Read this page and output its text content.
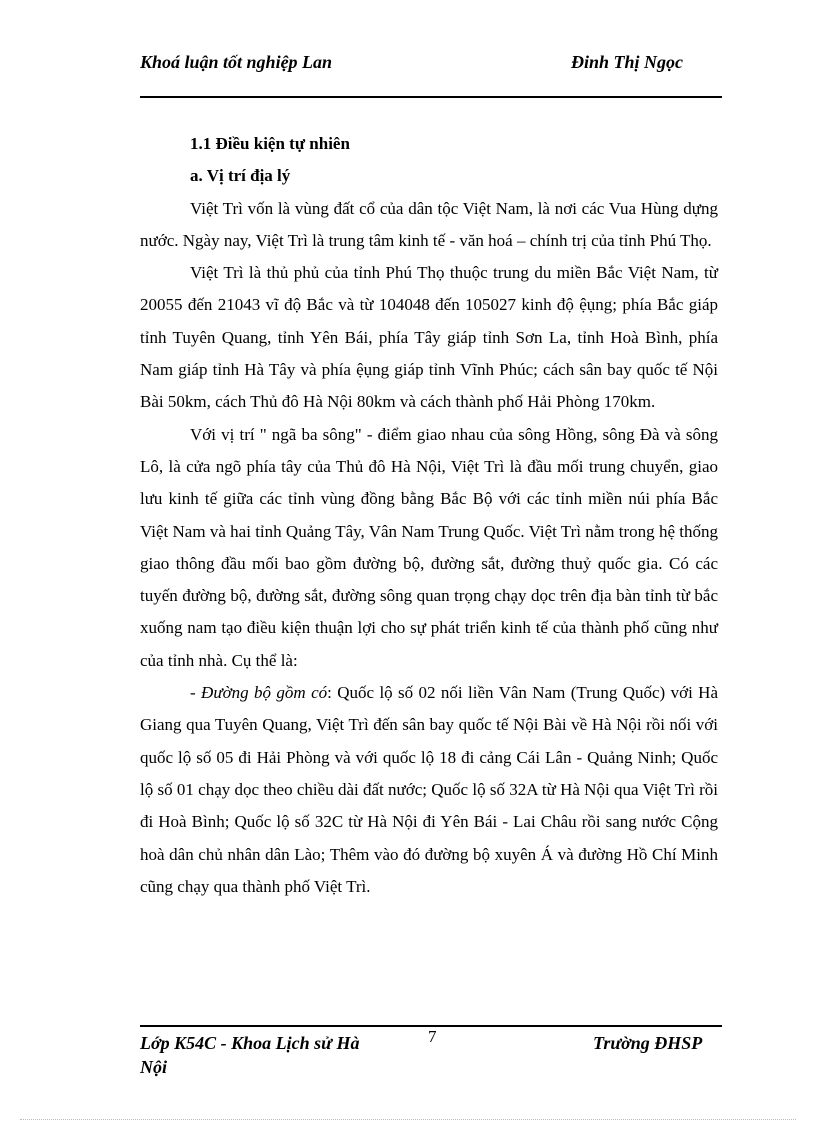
Khoá luận tốt nghiệp Lan	Đinh Thị Ngọc

1.1 Điều kiện tự nhiên

a. Vị trí địa lý

Việt Trì vốn là vùng đất cổ của dân tộc Việt Nam, là nơi các Vua Hùng dựng nước. Ngày nay, Việt Trì là trung tâm kinh tế - văn hoá – chính trị của tỉnh Phú Thọ.

Việt Trì là thủ phủ của tỉnh Phú Thọ thuộc trung du miền Bắc Việt Nam, từ 20055 đến 21043 vĩ độ Bắc và từ 104048 đến 105027 kinh độ ệụng; phía Bắc giáp tỉnh Tuyên Quang, tỉnh Yên Bái, phía Tây giáp tỉnh Sơn La, tỉnh Hoà Bình, phía Nam giáp tỉnh Hà Tây và phía ệụng giáp tỉnh Vĩnh Phúc; cách sân bay quốc tế Nội Bài 50km, cách Thủ đô Hà Nội 80km và cách thành phố Hải Phòng 170km.

Với vị trí " ngã ba sông" - điểm giao nhau của sông Hồng, sông Đà và sông Lô, là cửa ngõ phía tây của Thủ đô Hà Nội, Việt Trì là đầu mối trung chuyển, giao lưu kinh tế giữa các tỉnh vùng đồng bằng Bắc Bộ với các tỉnh miền núi phía Bắc Việt Nam và hai tỉnh Quảng Tây, Vân Nam Trung Quốc. Việt Trì nằm trong hệ thống giao thông đầu mối bao gồm đường bộ, đường sắt, đường thuỷ quốc gia. Có các tuyến đường bộ, đường sắt, đường sông quan trọng chạy dọc trên địa bàn tỉnh từ bắc xuống nam tạo điều kiện thuận lợi cho sự phát triển kinh tế của thành phố cũng như của tỉnh nhà. Cụ thể là:

- Đường bộ gồm có: Quốc lộ số 02 nối liền Vân Nam (Trung Quốc) với Hà Giang qua Tuyên Quang, Việt Trì đến sân bay quốc tế Nội Bài về Hà Nội rồi nối với quốc lộ số 05 đi Hải Phòng và với quốc lộ 18 đi cảng Cái Lân - Quảng Ninh; Quốc lộ số 01 chạy dọc theo chiều dài đất nước; Quốc lộ số 32A từ Hà Nội qua Việt Trì rồi đi Hoà Bình; Quốc lộ số 32C từ Hà Nội đi Yên Bái - Lai Châu rồi sang nước Cộng hoà dân chủ nhân dân Lào; Thêm vào đó đường bộ xuyên Á và đường Hồ Chí Minh cũng chạy qua thành phố Việt Trì.

Lớp K54C - Khoa Lịch sử Hà Nội
7	Trường ĐHSP
